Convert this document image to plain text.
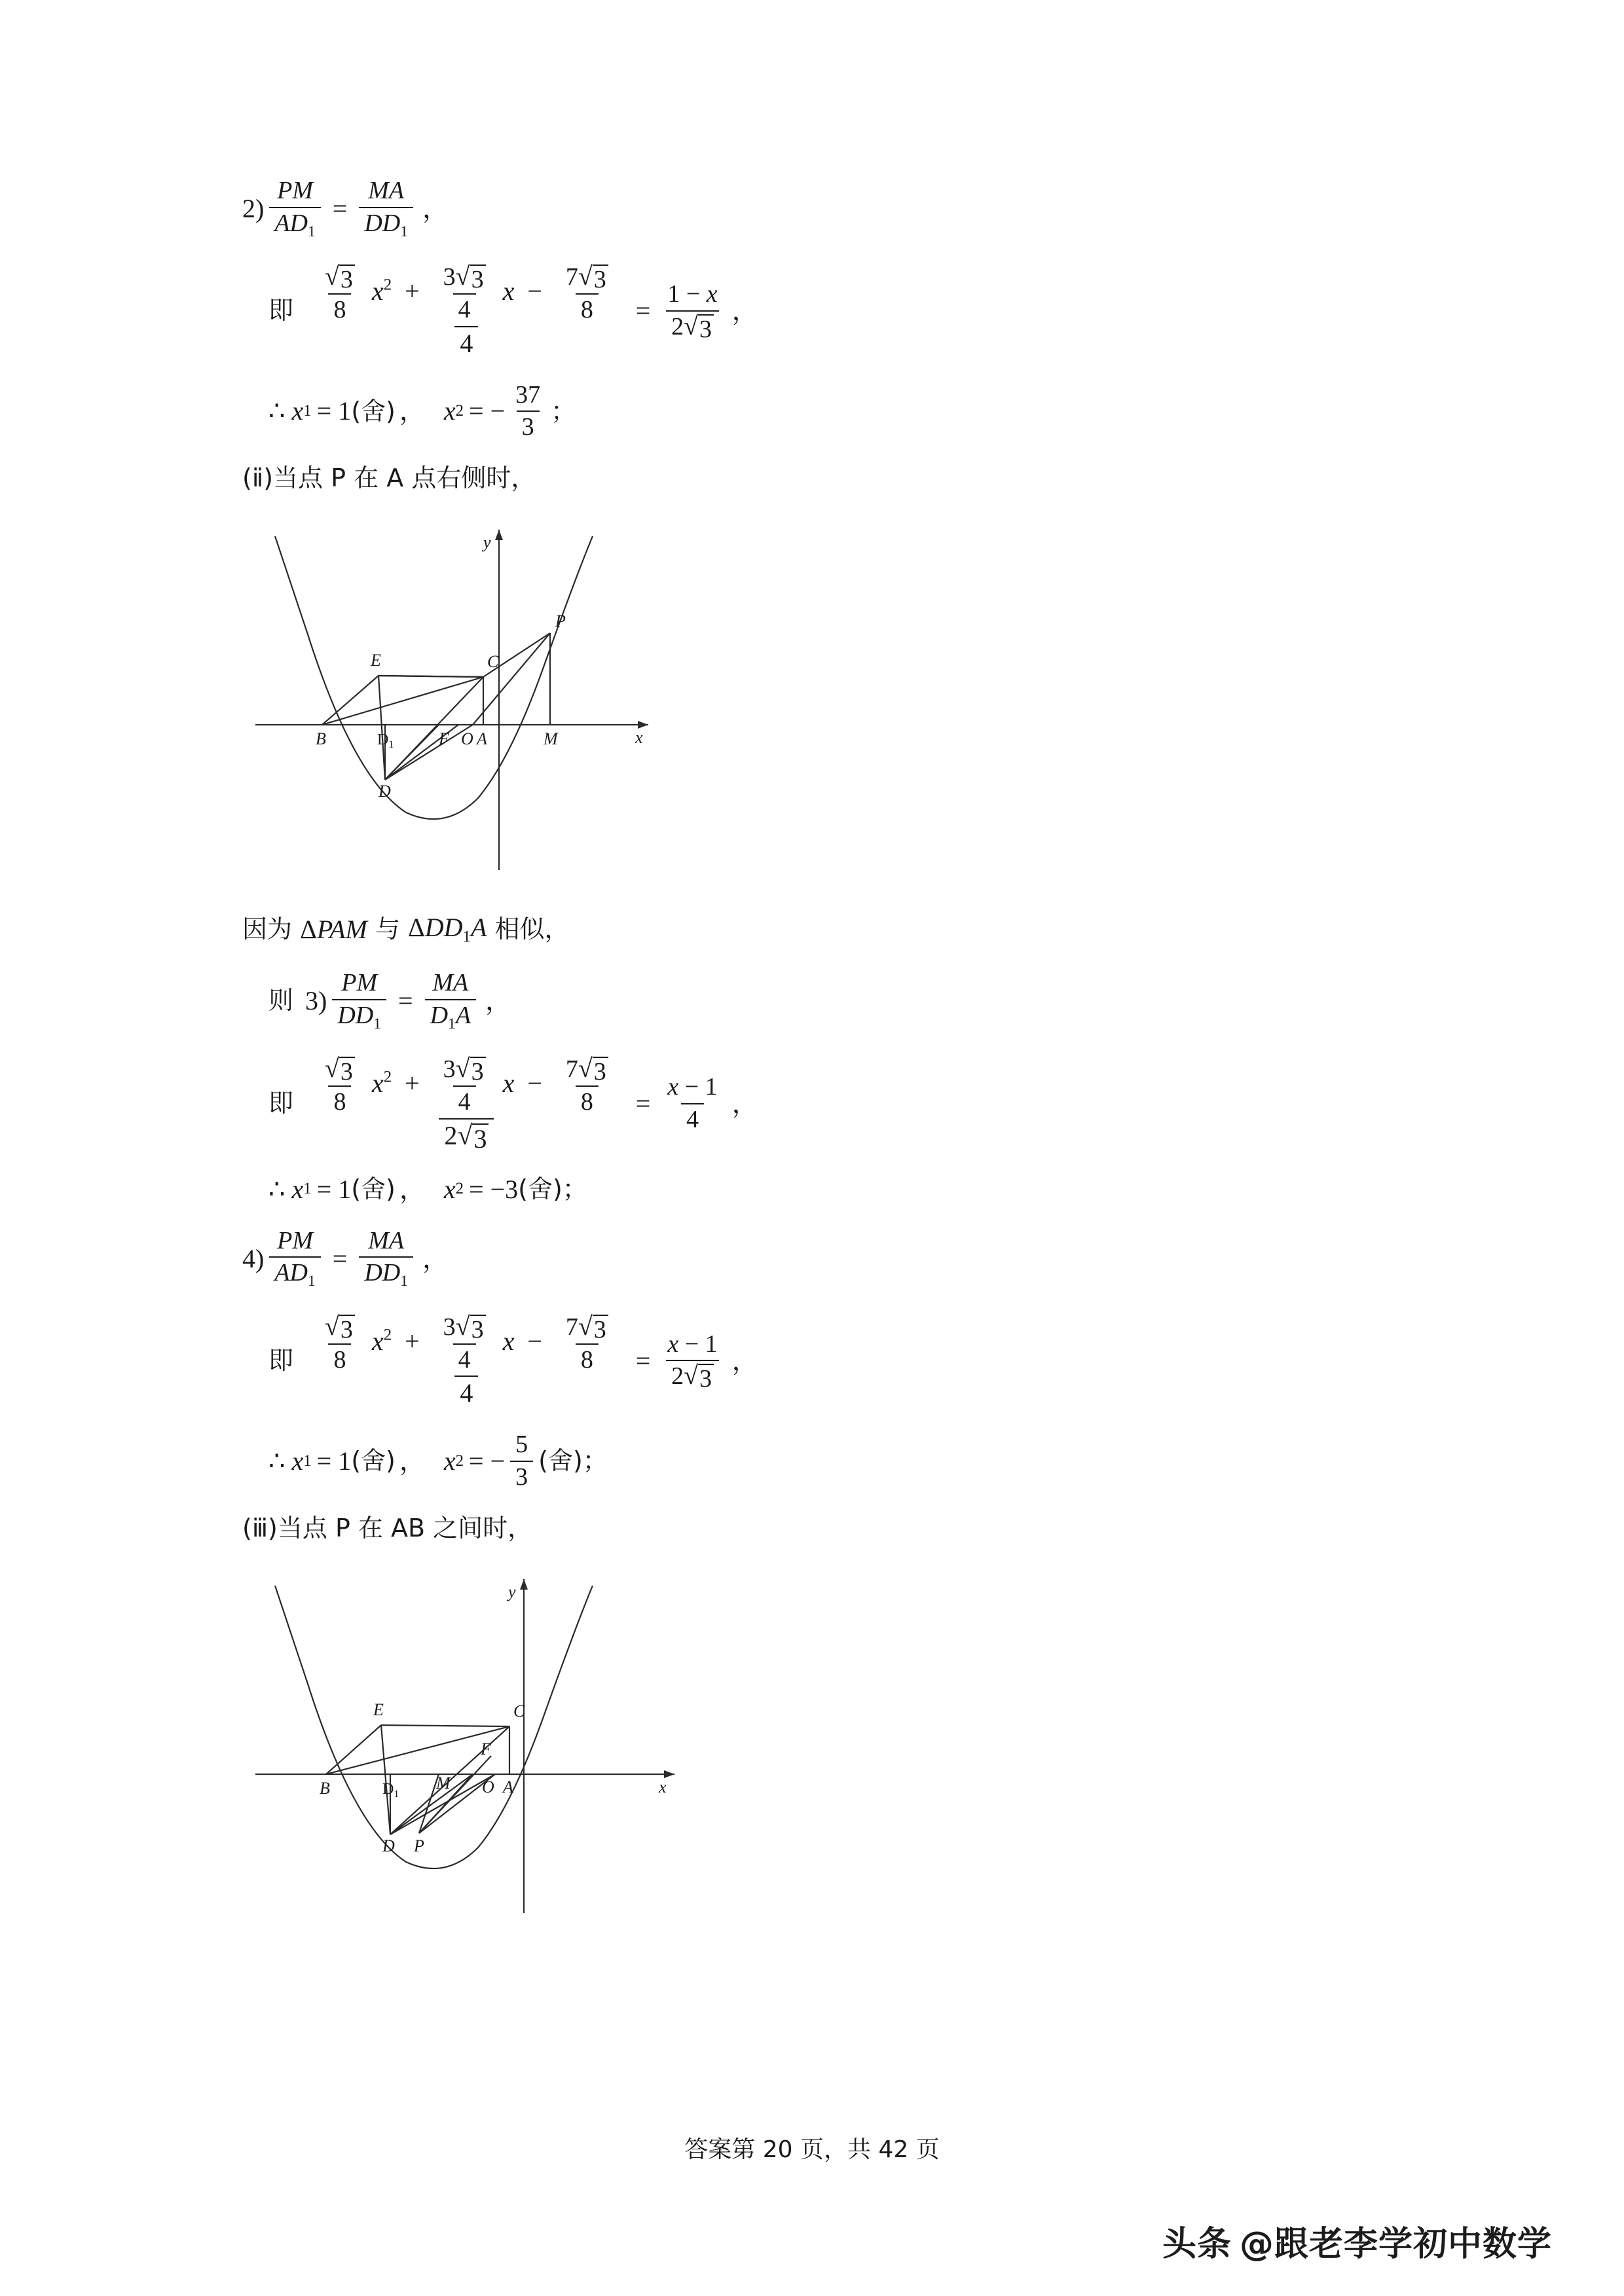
$2) \frac{PM}{AD_1} = \frac{MA}{DD_1}$ ，
即 $\frac{√ 3}{8} x^2 + \frac{3 √ 3}{4}$ $x - \frac{7 √ 3}{8}$
4
= $\frac{1 - x}{2 √ 3}$ ，
∴ x 1 = 1 (舍) ， x 2 = − $\frac{37}{3}$ ；
(ⅱ)当点 P 在 A 点右侧时，
P
E	C
B	F O A	M
D
x
y
$D_1$
因为 ΔPAM 与 $\Delta DD_1A$ 相似，
则 $3) \frac{PM}{DD_1} = \frac{MA}{D_1A}$ ，
即 $\frac{√ 3}{8} x^2 + \frac{3 √ 3}{4}$ $x - \frac{7 √ 3}{8}$
2 √ 3
= $\frac{x - 1}{4}$ ，
∴ x 1 = 1 (舍) ， x 2 = −3 (舍)；
$4) \frac{PM}{AD_1} = \frac{MA}{DD_1}$ ，
即 $\frac{√ 3}{8} x^2 + \frac{3 √ 3}{4}$ $x - \frac{7 √ 3}{8}$
4
= $\frac{x - 1}{2 √ 3}$ ，
∴ x 1 = 1 (舍) ， x 2 = − $\frac{5}{3}$ (舍)；
(ⅲ)当点 P 在 AB 之间时，
E	C
F
B	M O A
D P
x
y
$D_1$
答案第 20 页，共 42 页
头条 @跟老李学初中数学
